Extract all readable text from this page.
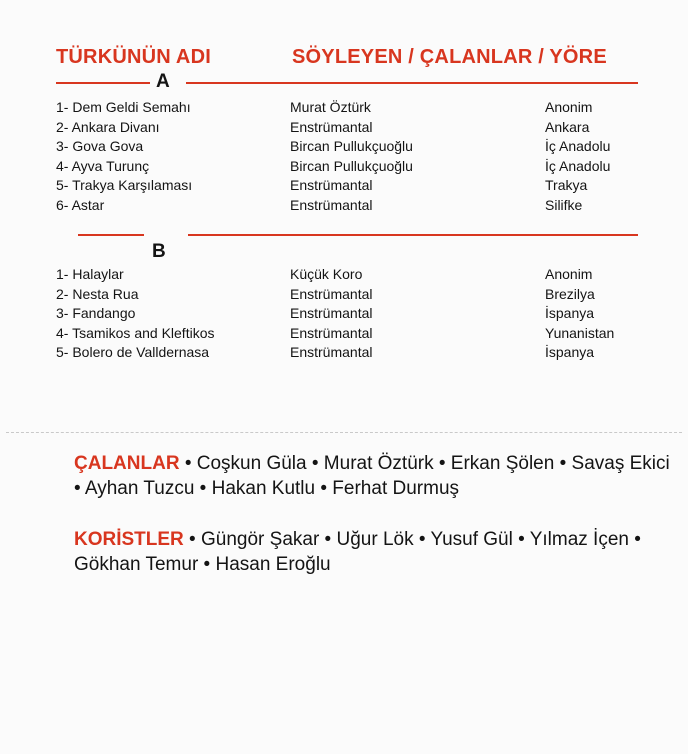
TÜRKÜNÜN ADI	SÖYLEYEN / ÇALANLAR / YÖRE
A
1- Dem Geldi Semahı	Murat Öztürk	Anonim
2- Ankara Divanı	Enstrümantal	Ankara
3- Gova Gova	Bircan Pullukçuoğlu	İç Anadolu
4- Ayva Turunç	Bircan Pullukçuoğlu	İç Anadolu
5- Trakya Karşılaması	Enstrümantal	Trakya
6- Astar	Enstrümantal	Silifke
B
1- Halaylar	Küçük Koro	Anonim
2- Nesta Rua	Enstrümantal	Brezilya
3- Fandango	Enstrümantal	İspanya
4- Tsamikos and Kleftikos	Enstrümantal	Yunanistan
5- Bolero de Valldernasa	Enstrümantal	İspanya
ÇALANLAR • Coşkun Güla • Murat Öztürk • Erkan Şölen • Savaş Ekici • Ayhan Tuzcu • Hakan Kutlu • Ferhat Durmuş
KORİSTLER • Güngör Şakar • Uğur Lök • Yusuf Gül • Yılmaz İçen • Gökhan Temur • Hasan Eroğlu
